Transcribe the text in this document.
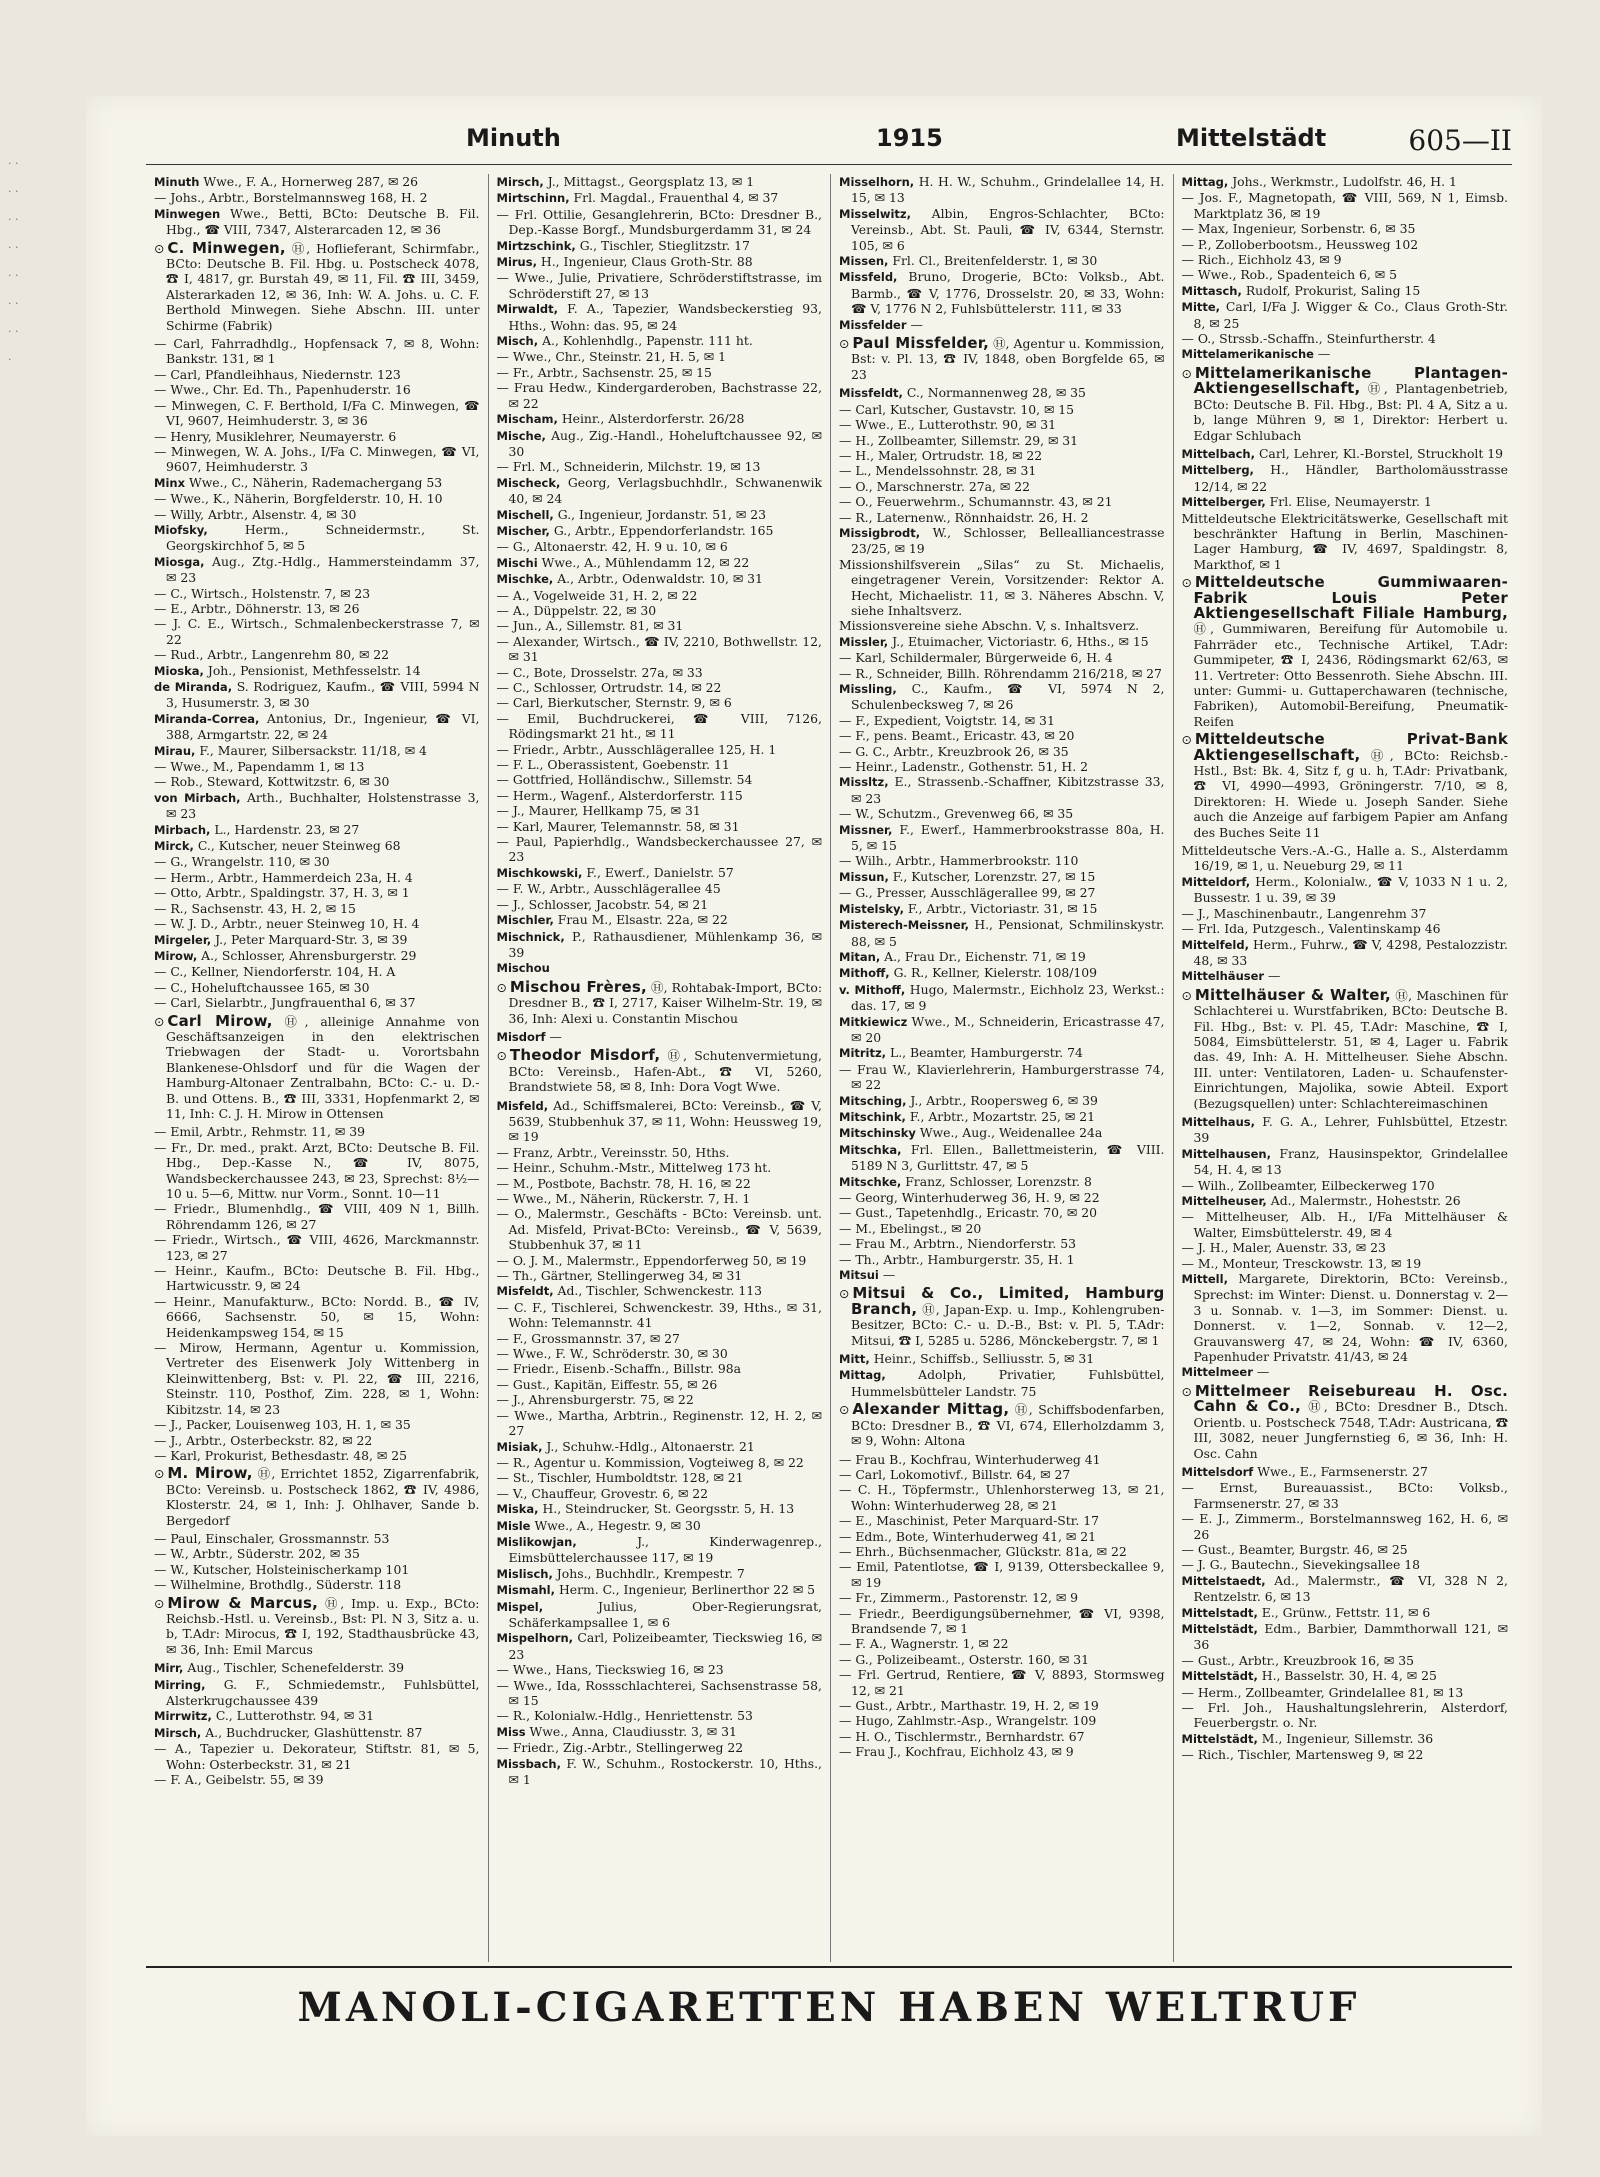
· · · · · · · · · · · · · · ·
Minuth	1915	Mittelstädt	605—II

Minuth Wwe., F. A., Hornerweg 287, ✉ 26

— Johs., Arbtr., Borstelmannsweg 168, H. 2

Minwegen Wwe., Betti, BCto: Deutsche B. Fil. Hbg., ☎ VIII, 7347, Alsterarcaden 12, ✉ 36

⊙ C. Minwegen, Ⓗ, Hoflieferant, Schirmfabr., BCto: Deutsche B. Fil. Hbg. u. Postscheck 4078, ☎ I, 4817, gr. Burstah 49, ✉ 11, Fil. ☎ III, 3459, Alsterarkaden 12, ✉ 36, Inh: W. A. Johs. u. C. F. Berthold Minwegen. Siehe Abschn. III. unter Schirme (Fabrik)

— Carl, Fahrradhdlg., Hopfensack 7, ✉ 8, Wohn: Bankstr. 131, ✉ 1

— Carl, Pfandleihhaus, Niedernstr. 123

— Wwe., Chr. Ed. Th., Papenhuderstr. 16

— Minwegen, C. F. Berthold, I/Fa C. Minwegen, ☎ VI, 9607, Heimhuderstr. 3, ✉ 36

— Henry, Musiklehrer, Neumayerstr. 6

— Minwegen, W. A. Johs., I/Fa C. Minwegen, ☎ VI, 9607, Heimhuderstr. 3

Minx Wwe., C., Näherin, Rademachergang 53

— Wwe., K., Näherin, Borgfelderstr. 10, H. 10

— Willy, Arbtr., Alsenstr. 4, ✉ 30

Miofsky,	Herm., Schneidermstr., St. Georgskirchhof 5, ✉ 5

Miosga, Aug., Ztg.-Hdlg., Hammersteindamm 37, ✉ 23

— C., Wirtsch., Holstenstr. 7, ✉ 23

— E., Arbtr., Döhnerstr. 13, ✉ 26

— J. C. E., Wirtsch., Schmalenbeckerstrasse 7, ✉ 22

— Rud., Arbtr., Langenrehm 80, ✉ 22

Mioska, Joh., Pensionist, Methfesselstr. 14

de Miranda, S. Rodriguez, Kaufm., ☎ VIII, 5994 N 3, Husumerstr. 3, ✉ 30

Miranda-Correa, Antonius, Dr., Ingenieur, ☎ VI, 388, Armgartstr. 22, ✉ 24

Mirau, F., Maurer, Silbersackstr. 11/18, ✉ 4

— Wwe., M., Papendamm 1, ✉ 13

— Rob., Steward, Kottwitzstr. 6, ✉ 30

von Mirbach, Arth., Buchhalter, Holstenstrasse 3, ✉ 23

Mirbach, L., Hardenstr. 23, ✉ 27

Mirck, C., Kutscher, neuer Steinweg 68

— G., Wrangelstr. 110, ✉ 30

— Herm., Arbtr., Hammerdeich 23a, H. 4

— Otto, Arbtr., Spaldingstr. 37, H. 3, ✉ 1

— R., Sachsenstr. 43, H. 2, ✉ 15

— W. J. D., Arbtr., neuer Steinweg 10, H. 4

Mirgeler, J., Peter Marquard-Str. 3, ✉ 39

Mirow, A., Schlosser, Ahrensburgerstr. 29

— C., Kellner, Niendorferstr. 104, H. A

— C., Hoheluftchaussee 165, ✉ 30

— Carl, Sielarbtr., Jungfrauenthal 6, ✉ 37

⊙ Carl Mirow, Ⓗ, alleinige Annahme von Geschäftsanzeigen in den elektrischen Triebwagen der Stadt- u. Vorortsbahn Blankenese-Ohlsdorf und für die Wagen der Hamburg-Altonaer Zentralbahn, BCto: C.- u. D.-B. und Ottens. B., ☎ III, 3331, Hopfenmarkt 2, ✉ 11, Inh: C. J. H. Mirow in Ottensen

— Emil, Arbtr., Rehmstr. 11, ✉ 39

— Fr., Dr. med., prakt. Arzt, BCto: Deutsche B. Fil. Hbg., Dep.-Kasse N., ☎ IV, 8075, Wandsbeckerchaussee 243, ✉ 23, Sprechst: 8½—10 u. 5—6, Mittw. nur Vorm., Sonnt. 10—11

— Friedr., Blumenhdlg., ☎ VIII, 409 N 1, Billh. Röhrendamm 126, ✉ 27

— Friedr., Wirtsch., ☎ VIII, 4626, Marckmannstr. 123, ✉ 27

— Heinr., Kaufm., BCto: Deutsche B. Fil. Hbg., Hartwicusstr. 9, ✉ 24

— Heinr., Manufakturw., BCto: Nordd. B., ☎ IV, 6666, Sachsenstr. 50, ✉ 15, Wohn: Heidenkampsweg 154, ✉ 15

— Mirow, Hermann, Agentur u. Kommission, Vertreter des Eisenwerk Joly Wittenberg in Kleinwittenberg, Bst: v. Pl. 22, ☎ III, 2216, Steinstr. 110, Posthof, Zim. 228, ✉ 1, Wohn: Kibitzstr. 14, ✉ 23

— J., Packer, Louisenweg 103, H. 1, ✉ 35

— J., Arbtr., Osterbeckstr. 82, ✉ 22

— Karl, Prokurist, Bethesdastr. 48, ✉ 25

⊙ M. Mirow, Ⓗ, Errichtet 1852, Zigarrenfabrik, BCto: Vereinsb. u. Postscheck 1862, ☎ IV, 4986, Klosterstr. 24, ✉ 1, Inh: J. Ohlhaver, Sande b. Bergedorf

— Paul, Einschaler, Grossmannstr. 53

— W., Arbtr., Süderstr. 202, ✉ 35

— W., Kutscher, Holsteinischerkamp 101

— Wilhelmine, Brothdlg., Süderstr. 118

⊙ Mirow & Marcus, Ⓗ, Imp. u. Exp., BCto: Reichsb.-Hstl. u. Vereinsb., Bst: Pl. N 3, Sitz a. u. b, T.Adr: Mirocus, ☎ I, 192, Stadthausbrücke 43, ✉ 36, Inh: Emil Marcus

Mirr, Aug., Tischler, Schenefelderstr. 39

Mirring, G. F., Schmiedemstr., Fuhlsbüttel, Alsterkrugchaussee 439

Mirrwitz, C., Lutterothstr. 94, ✉ 31

Mirsch, A., Buchdrucker, Glashüttenstr. 87

— A., Tapezier u. Dekorateur, Stiftstr. 81, ✉ 5, Wohn: Osterbeckstr. 31, ✉ 21

— F. A., Geibelstr. 55, ✉ 39

Mirsch, J., Mittagst., Georgsplatz 13, ✉ 1

Mirtschinn, Frl. Magdal., Frauenthal 4, ✉ 37

— Frl. Ottilie, Gesanglehrerin, BCto: Dresdner B., Dep.-Kasse Borgf., Mundsburgerdamm 31, ✉ 24

Mirtzschink, G., Tischler, Stieglitzstr. 17

Mirus, H., Ingenieur, Claus Groth-Str. 88

— Wwe., Julie, Privatiere, Schröderstiftstrasse, im Schröderstift 27, ✉ 13

Mirwaldt, F. A., Tapezier, Wandsbeckerstieg 93, Hths., Wohn: das. 95, ✉ 24

Misch, A., Kohlenhdlg., Papenstr. 111 ht.

— Wwe., Chr., Steinstr. 21, H. 5, ✉ 1

— Fr., Arbtr., Sachsenstr. 25, ✉ 15

— Frau Hedw., Kindergarderoben, Bachstrasse 22, ✉ 22

Mischam, Heinr., Alsterdorferstr. 26/28

Mische, Aug., Zig.-Handl., Hoheluftchaussee 92, ✉ 30

— Frl. M., Schneiderin, Milchstr. 19, ✉ 13

Mischeck, Georg, Verlagsbuchhdlr., Schwanenwik 40, ✉ 24

Mischell, G., Ingenieur, Jordanstr. 51, ✉ 23

Mischer, G., Arbtr., Eppendorferlandstr. 165

— G., Altonaerstr. 42, H. 9 u. 10, ✉ 6

Mischi Wwe., A., Mühlendamm 12, ✉ 22

Mischke, A., Arbtr., Odenwaldstr. 10, ✉ 31

— A., Vogelweide 31, H. 2, ✉ 22

— A., Düppelstr. 22, ✉ 30

— Jun., A., Sillemstr. 81, ✉ 31

— Alexander, Wirtsch., ☎ IV, 2210, Bothwellstr. 12, ✉ 31

— C., Bote, Drosselstr. 27a, ✉ 33

— C., Schlosser, Ortrudstr. 14, ✉ 22

— Carl, Bierkutscher, Sternstr. 9, ✉ 6

— Emil, Buchdruckerei, ☎ VIII, 7126, Rödingsmarkt 21 ht., ✉ 11

— Friedr., Arbtr., Ausschlägerallee 125, H. 1

— F. L., Oberassistent, Goebenstr. 11

— Gottfried, Holländischw., Sillemstr. 54

— Herm., Wagenf., Alsterdorferstr. 115

— J., Maurer, Hellkamp 75, ✉ 31

— Karl, Maurer, Telemannstr. 58, ✉ 31

— Paul, Papierhdlg., Wandsbeckerchaussee 27, ✉ 23

Mischkowski, F., Ewerf., Danielstr. 57

— F. W., Arbtr., Ausschlägerallee 45

— J., Schlosser, Jacobstr. 54, ✉ 21

Mischler, Frau M., Elsastr. 22a, ✉ 22

Mischnick, P., Rathausdiener, Mühlenkamp 36, ✉ 39

Mischou

⊙ Mischou Frères, Ⓗ, Rohtabak-Import, BCto: Dresdner B., ☎ I, 2717, Kaiser Wilhelm-Str. 19, ✉ 36, Inh: Alexi u. Constantin Mischou

Misdorf —

⊙ Theodor Misdorf, Ⓗ, Schutenvermietung, BCto: Vereinsb., Hafen-Abt., ☎ VI, 5260, Brandstwiete 58, ✉ 8, Inh: Dora Vogt Wwe.

Misfeld, Ad., Schiffsmalerei, BCto: Vereinsb., ☎ V, 5639, Stubbenhuk 37, ✉ 11, Wohn: Heussweg 19, ✉ 19

— Franz, Arbtr., Vereinsstr. 50, Hths.

— Heinr., Schuhm.-Mstr., Mittelweg 173 ht.

— M., Postbote, Bachstr. 78, H. 16, ✉ 22

— Wwe., M., Näherin, Rückerstr. 7, H. 1

— O., Malermstr., Geschäfts - BCto: Vereinsb. unt. Ad. Misfeld, Privat-BCto: Vereinsb., ☎ V, 5639, Stubbenhuk 37, ✉ 11

— O. J. M., Malermstr., Eppendorferweg 50, ✉ 19

— Th., Gärtner, Stellingerweg 34, ✉ 31

Misfeldt, Ad., Tischler, Schwenckestr. 113

— C. F., Tischlerei, Schwenckestr. 39, Hths., ✉ 31, Wohn: Telemannstr. 41

— F., Grossmannstr. 37, ✉ 27

— Wwe., F. W., Schröderstr. 30, ✉ 30

— Friedr., Eisenb.-Schaffn., Billstr. 98a

— Gust., Kapitän, Eiffestr. 55, ✉ 26

— J., Ahrensburgerstr. 75, ✉ 22

— Wwe., Martha, Arbtrin., Reginenstr. 12, H. 2, ✉ 27

Misiak, J., Schuhw.-Hdlg., Altonaerstr. 21

— R., Agentur u. Kommission, Vogteiweg 8, ✉ 22

— St., Tischler, Humboldtstr. 128, ✉ 21

— V., Chauffeur, Grovestr. 6, ✉ 22

Miska, H., Steindrucker, St. Georgsstr. 5, H. 13

Misle Wwe., A., Hegestr. 9, ✉ 30

Mislikowjan,	J., Kinderwagenrep., Eimsbüttelerchaussee 117, ✉ 19

Mislisch, Johs., Buchhdlr., Krempestr. 7

Mismahl, Herm. C., Ingenieur, Berlinerthor 22 ✉ 5

Mispel,	Julius, Ober-Regierungsrat, Schäferkampsallee 1, ✉ 6

Mispelhorn, Carl, Polizeibeamter, Tieckswieg 16, ✉ 23

— Wwe., Hans, Tieckswieg 16, ✉ 23

— Wwe., Ida, Rossschlachterei, Sachsenstrasse 58, ✉ 15

— R., Kolonialw.-Hdlg., Henriettenstr. 53

Miss Wwe., Anna, Claudiusstr. 3, ✉ 31

— Friedr., Zig.-Arbtr., Stellingerweg 22

Missbach, F. W., Schuhm., Rostockerstr. 10, Hths., ✉ 1

Misselhorn, H. H. W., Schuhm., Grindelallee 14, H. 15, ✉ 13

Misselwitz, Albin, Engros-Schlachter, BCto: Vereinsb., Abt. St. Pauli, ☎ IV, 6344, Sternstr. 105, ✉ 6

Missen, Frl. Cl., Breitenfelderstr. 1, ✉ 30

Missfeld, Bruno, Drogerie, BCto: Volksb., Abt. Barmb., ☎ V, 1776, Drosselstr. 20, ✉ 33, Wohn: ☎ V, 1776 N 2, Fuhlsbüttelerstr. 111, ✉ 33

Missfelder —

⊙ Paul Missfelder, Ⓗ, Agentur u. Kommission, Bst: v. Pl. 13, ☎ IV, 1848, oben Borgfelde 65, ✉ 23

Missfeldt, C., Normannenweg 28, ✉ 35

— Carl, Kutscher, Gustavstr. 10, ✉ 15

— Wwe., E., Lutterothstr. 90, ✉ 31

— H., Zollbeamter, Sillemstr. 29, ✉ 31

— H., Maler, Ortrudstr. 18, ✉ 22

— L., Mendelssohnstr. 28, ✉ 31

— O., Marschnerstr. 27a, ✉ 22

— O., Feuerwehrm., Schumannstr. 43, ✉ 21

— R., Laternenw., Rönnhaidstr. 26, H. 2

Missigbrodt, W., Schlosser, Bellealliancestrasse 23/25, ✉ 19

Missionshilfsverein „Silas“ zu St. Michaelis, eingetragener Verein, Vorsitzender: Rektor A. Hecht, Michaelistr. 11, ✉ 3. Näheres Abschn. V, siehe Inhaltsverz.

Missionsvereine siehe Abschn. V, s. Inhaltsverz.

Missler, J., Etuimacher, Victoriastr. 6, Hths., ✉ 15

— Karl, Schildermaler, Bürgerweide 6, H. 4

— R., Schneider, Billh. Röhrendamm 216/218, ✉ 27

Missling, C., Kaufm., ☎ VI, 5974 N 2, Schulenbecksweg 7, ✉ 26

— F., Expedient, Voigtstr. 14, ✉ 31

— F., pens. Beamt., Ericastr. 43, ✉ 20

— G. C., Arbtr., Kreuzbrook 26, ✉ 35

— Heinr., Ladenstr., Gothenstr. 51, H. 2

Missltz, E., Strassenb.-Schaffner, Kibitzstrasse 33, ✉ 23

— W., Schutzm., Grevenweg 66, ✉ 35

Missner, F., Ewerf., Hammerbrookstrasse 80a, H. 5, ✉ 15

— Wilh., Arbtr., Hammerbrookstr. 110

Missun, F., Kutscher, Lorenzstr. 27, ✉ 15

— G., Presser, Ausschlägerallee 99, ✉ 27

Mistelsky, F., Arbtr., Victoriastr. 31, ✉ 15

Misterech-Meissner, H., Pensionat, Schmilinskystr. 88, ✉ 5

Mitan, A., Frau Dr., Eichenstr. 71, ✉ 19

Mithoff, G. R., Kellner, Kielerstr. 108/109

v. Mithoff, Hugo, Malermstr., Eichholz 23, Werkst.: das. 17, ✉ 9

Mitkiewicz Wwe., M., Schneiderin, Ericastrasse 47, ✉ 20

Mitritz, L., Beamter, Hamburgerstr. 74

— Frau W., Klavierlehrerin, Hamburgerstrasse 74, ✉ 22

Mitsching, J., Arbtr., Roopersweg 6, ✉ 39

Mitschink, F., Arbtr., Mozartstr. 25, ✉ 21

Mitschinsky Wwe., Aug., Weidenallee 24a

Mitschka, Frl. Ellen., Ballettmeisterin, ☎ VIII. 5189 N 3, Gurlittstr. 47, ✉ 5

Mitschke, Franz, Schlosser, Lorenzstr. 8

— Georg, Winterhuderweg 36, H. 9, ✉ 22

— Gust., Tapetenhdlg., Ericastr. 70, ✉ 20

— M., Ebelingst., ✉ 20

— Frau M., Arbtrn., Niendorferstr. 53

— Th., Arbtr., Hamburgerstr. 35, H. 1

Mitsui —

⊙ Mitsui & Co., Limited, Hamburg Branch, Ⓗ, Japan-Exp. u. Imp., Kohlengruben-Besitzer, BCto: C.- u. D.-B., Bst: v. Pl. 5, T.Adr: Mitsui, ☎ I, 5285 u. 5286, Mönckebergstr. 7, ✉ 1

Mitt, Heinr., Schiffsb., Selliusstr. 5, ✉ 31

Mittag,	Adolph, Privatier, Fuhlsbüttel, Hummelsbütteler Landstr. 75

⊙ Alexander Mittag, Ⓗ, Schiffsbodenfarben, BCto: Dresdner B., ☎ VI, 674, Ellerholzdamm 3, ✉ 9, Wohn: Altona

— Frau B., Kochfrau, Winterhuderweg 41

— Carl, Lokomotivf., Billstr. 64, ✉ 27

— C. H., Töpfermstr., Uhlenhorsterweg 13, ✉ 21, Wohn: Winterhuderweg 28, ✉ 21

— E., Maschinist, Peter Marquard-Str. 17

— Edm., Bote, Winterhuderweg 41, ✉ 21

— Ehrh., Büchsenmacher, Glückstr. 81a, ✉ 22

— Emil, Patentlotse, ☎ I, 9139, Ottersbeckallee 9, ✉ 19

— Fr., Zimmerm., Pastorenstr. 12, ✉ 9

— Friedr., Beerdigungsübernehmer, ☎ VI, 9398, Brandsende 7, ✉ 1

— F. A., Wagnerstr. 1, ✉ 22

— G., Polizeibeamt., Osterstr. 160, ✉ 31

— Frl. Gertrud, Rentiere, ☎ V, 8893, Stormsweg 12, ✉ 21

— Gust., Arbtr., Marthastr. 19, H. 2, ✉ 19

— Hugo, Zahlmstr.-Asp., Wrangelstr. 109

— H. O., Tischlermstr., Bernhardstr. 67

— Frau J., Kochfrau, Eichholz 43, ✉ 9

Mittag, Johs., Werkmstr., Ludolfstr. 46, H. 1

— Jos. F., Magnetopath, ☎ VIII, 569, N 1, Eimsb. Marktplatz 36, ✉ 19

— Max, Ingenieur, Sorbenstr. 6, ✉ 35

— P., Zolloberbootsm., Heussweg 102

— Rich., Eichholz 43, ✉ 9

— Wwe., Rob., Spadenteich 6, ✉ 5

Mittasch, Rudolf, Prokurist, Saling 15

Mitte, Carl, I/Fa J. Wigger & Co., Claus Groth-Str. 8, ✉ 25

— O., Strssb.-Schaffn., Steinfurtherstr. 4

Mittelamerikanische —

⊙ Mittelamerikanische Plantagen-Aktiengesellschaft, Ⓗ, Plantagenbetrieb, BCto: Deutsche B. Fil. Hbg., Bst: Pl. 4 A, Sitz a u. b, lange Mühren 9, ✉ 1, Direktor: Herbert u. Edgar Schlubach

Mittelbach, Carl, Lehrer, Kl.-Borstel, Struckholt 19

Mittelberg, H., Händler, Bartholomäusstrasse 12/14, ✉ 22

Mittelberger, Frl. Elise, Neumayerstr. 1

Mitteldeutsche Elektricitätswerke, Gesellschaft mit beschränkter Haftung in Berlin, Maschinen-Lager Hamburg, ☎ IV, 4697, Spaldingstr. 8, Markthof, ✉ 1

⊙ Mitteldeutsche Gummiwaaren-Fabrik Louis Peter Aktiengesellschaft Filiale Hamburg, Ⓗ, Gummiwaren, Bereifung für Automobile u. Fahrräder etc., Technische Artikel, T.Adr: Gummipeter, ☎ I, 2436, Rödingsmarkt 62/63, ✉ 11. Vertreter: Otto Bessenroth. Siehe Abschn. III. unter: Gummi- u. Guttaperchawaren (technische, Fabriken), Automobil-Bereifung, Pneumatik-Reifen

⊙ Mitteldeutsche Privat-Bank Aktiengesellschaft, Ⓗ, BCto: Reichsb.-Hstl., Bst: Bk. 4, Sitz f, g u. h, T.Adr: Privatbank, ☎ VI, 4990—4993, Gröningerstr. 7/10, ✉ 8, Direktoren: H. Wiede u. Joseph Sander. Siehe auch die Anzeige auf farbigem Papier am Anfang des Buches Seite 11

Mitteldeutsche Vers.-A.-G., Halle a. S., Alsterdamm 16/19, ✉ 1, u. Neueburg 29, ✉ 11

Mitteldorf, Herm., Kolonialw., ☎ V, 1033 N 1 u. 2, Bussestr. 1 u. 39, ✉ 39

— J., Maschinenbautr., Langenrehm 37

— Frl. Ida, Putzgesch., Valentinskamp 46

Mittelfeld, Herm., Fuhrw., ☎ V, 4298, Pestalozzistr. 48, ✉ 33

Mittelhäuser —

⊙ Mittelhäuser & Walter, Ⓗ, Maschinen für Schlachterei u. Wurstfabriken, BCto: Deutsche B. Fil. Hbg., Bst: v. Pl. 45, T.Adr: Maschine, ☎ I, 5084, Eimsbüttelerstr. 51, ✉ 4, Lager u. Fabrik das. 49, Inh: A. H. Mittelheuser. Siehe Abschn. III. unter: Ventilatoren, Laden- u. Schaufenster-Einrichtungen, Majolika, sowie Abteil. Export (Bezugsquellen) unter: Schlachtereimaschinen

Mittelhaus, F. G. A., Lehrer, Fuhlsbüttel, Etzestr. 39

Mittelhausen, Franz, Hausinspektor, Grindelallee 54, H. 4, ✉ 13

— Wilh., Zollbeamter, Eilbeckerweg 170

Mittelheuser, Ad., Malermstr., Hoheststr. 26

— Mittelheuser, Alb. H., I/Fa Mittelhäuser & Walter, Eimsbüttelerstr. 49, ✉ 4

— J. H., Maler, Auenstr. 33, ✉ 23

— M., Monteur, Tresckowstr. 13, ✉ 19

Mittell, Margarete, Direktorin, BCto: Vereinsb., Sprechst: im Winter: Dienst. u. Donnerstag v. 2—3 u. Sonnab. v. 1—3, im Sommer: Dienst. u. Donnerst. v. 1—2, Sonnab. v. 12—2, Grauvanswerg 47, ✉ 24, Wohn: ☎ IV, 6360, Papenhuder Privatstr. 41/43, ✉ 24

Mittelmeer —

⊙ Mittelmeer Reisebureau H. Osc. Cahn & Co., Ⓗ, BCto: Dresdner B., Dtsch. Orientb. u. Postscheck 7548, T.Adr: Austricana, ☎ III, 3082, neuer Jungfernstieg 6, ✉ 36, Inh: H. Osc. Cahn

Mittelsdorf Wwe., E., Farmsenerstr. 27

— Ernst, Bureauassist., BCto: Volksb., Farmsenerstr. 27, ✉ 33

— E. J., Zimmerm., Borstelmannsweg 162, H. 6, ✉ 26

— Gust., Beamter, Burgstr. 46, ✉ 25

— J. G., Bautechn., Sievekingsallee 18

Mittelstaedt, Ad., Malermstr., ☎ VI, 328 N 2, Rentzelstr. 6, ✉ 13

Mittelstadt, E., Grünw., Fettstr. 11, ✉ 6

Mittelstädt, Edm., Barbier, Dammthorwall 121, ✉ 36

— Gust., Arbtr., Kreuzbrook 16, ✉ 35

Mittelstädt, H., Basselstr. 30, H. 4, ✉ 25

— Herm., Zollbeamter, Grindelallee 81, ✉ 13

— Frl. Joh., Haushaltungslehrerin, Alsterdorf, Feuerbergstr. o. Nr.

Mittelstädt, M., Ingenieur, Sillemstr. 36

— Rich., Tischler, Martensweg 9, ✉ 22

MANOLI-CIGARETTEN HABEN WELTRUF
